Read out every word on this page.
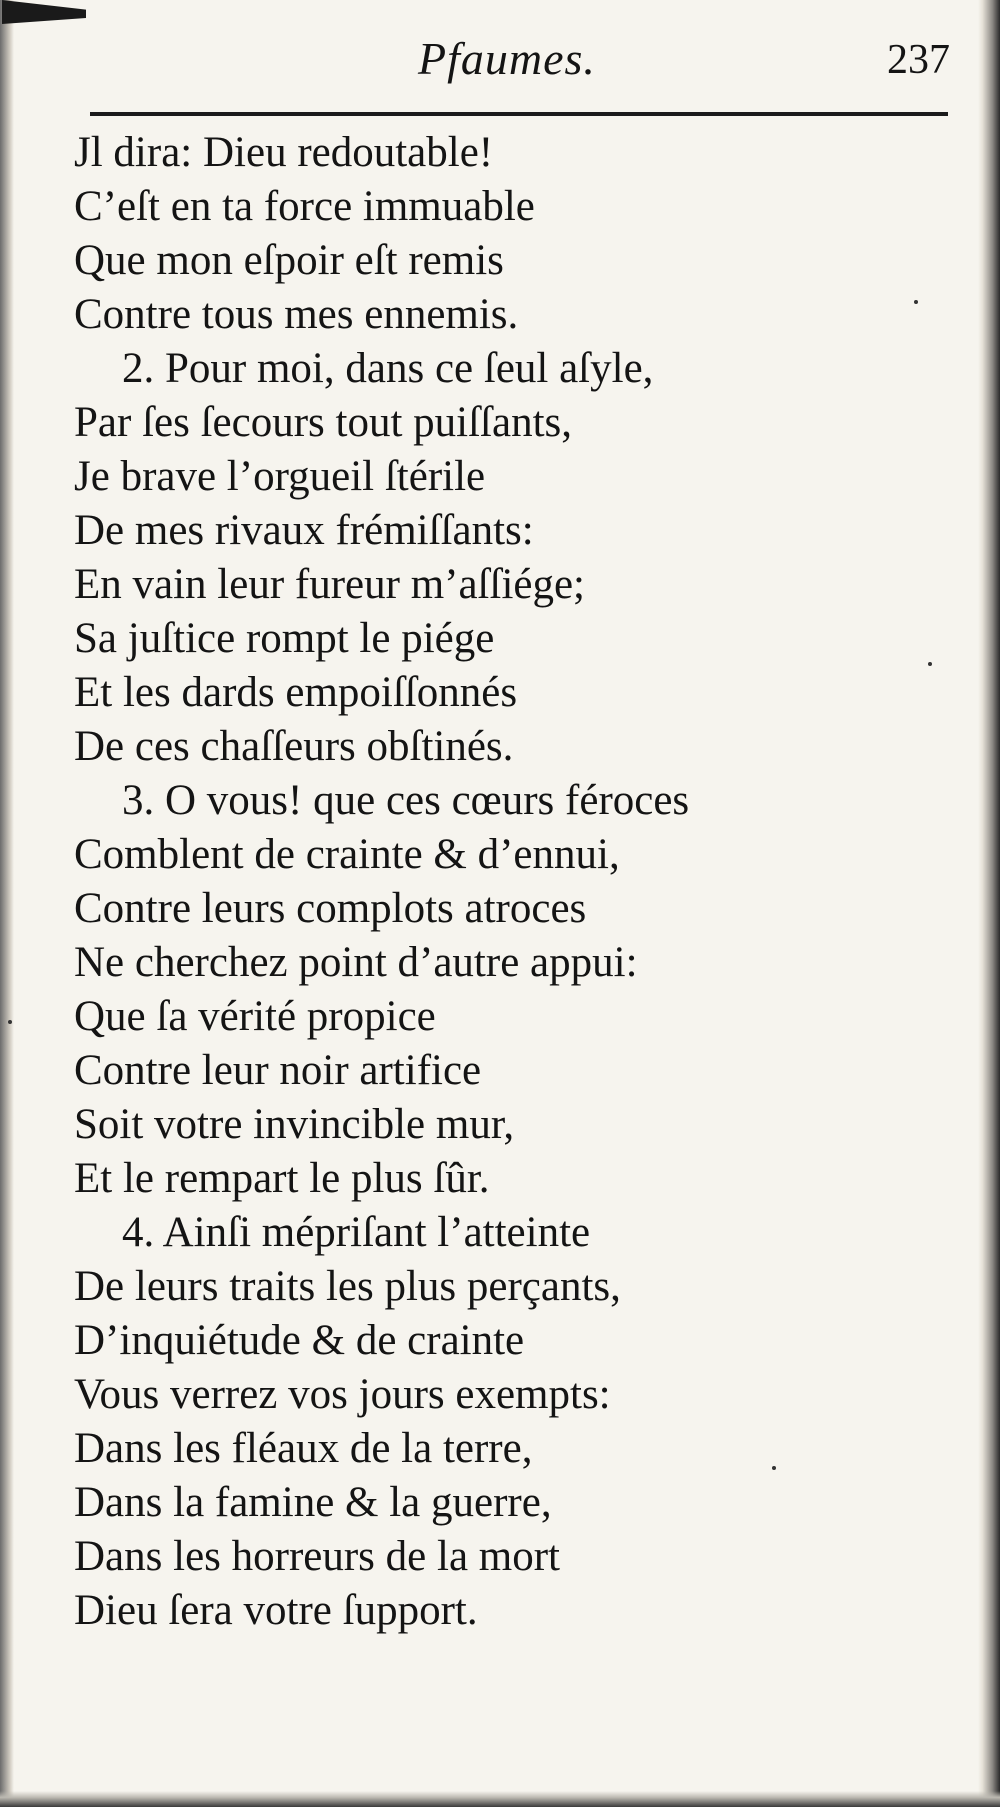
Pfaumes.	237
Jl dira: Dieu redoutable!
C’eſt en ta force immuable
Que mon eſpoir eſt remis
Contre tous mes ennemis.
2. Pour moi, dans ce ſeul aſyle,
Par ſes ſecours tout puiſſants,
Je brave l’orgueil ſtérile
De mes rivaux frémiſſants:
En vain leur fureur m’aſſiége;
Sa juſtice rompt le piége
Et les dards empoiſſonnés
De ces chaſſeurs obſtinés.
3. O vous! que ces cœurs féroces
Comblent de crainte & d’ennui,
Contre leurs complots atroces
Ne cherchez point d’autre appui:
Que ſa vérité propice
Contre leur noir artifice
Soit votre invincible mur,
Et le rempart le plus ſûr.
4. Ainſi mépriſant l’atteinte
De leurs traits les plus perçants,
D’inquiétude & de crainte
Vous verrez vos jours exempts:
Dans les fléaux de la terre,
Dans la famine & la guerre,
Dans les horreurs de la mort
Dieu ſera votre ſupport.
